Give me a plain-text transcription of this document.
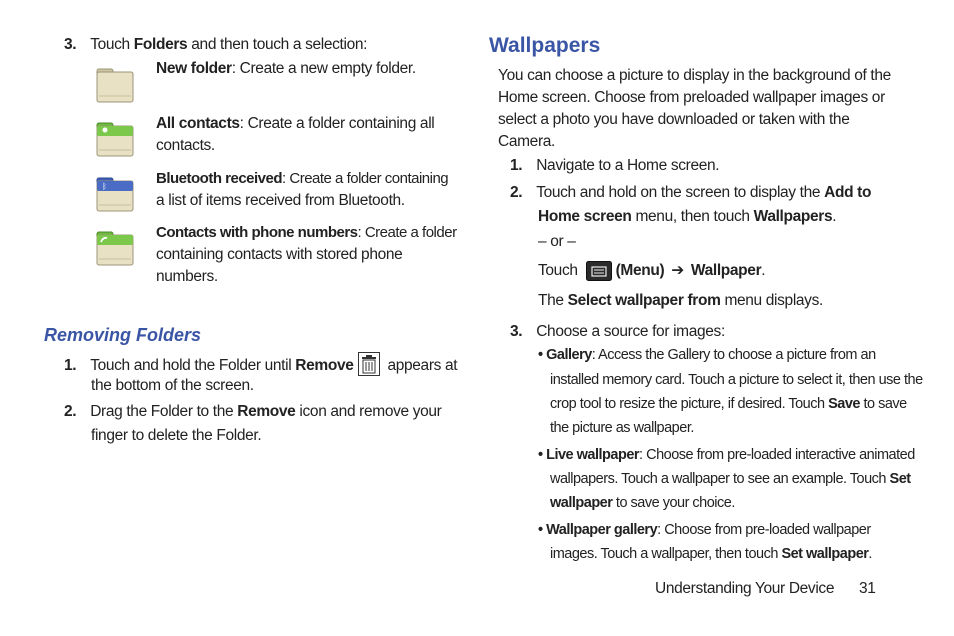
3. Touch Folders and then touch a selection:
ᛒ
New folder: Create a new empty folder.
All contacts: Create a folder containing all
contacts.
Bluetooth received: Create a folder containing
a list of items received from Bluetooth.
Contacts with phone numbers: Create a folder
containing contacts with stored phone
numbers.
Removing Folders
1. Touch and hold the Folder until Remove appears at
the bottom of the screen.
2. Drag the Folder to the Remove icon and remove your
finger to delete the Folder.
Wallpapers
You can choose a picture to display in the background of the
Home screen. Choose from preloaded wallpaper images or
select a photo you have downloaded or taken with the
Camera.
1. Navigate to a Home screen.
2. Touch and hold on the screen to display the Add to
Home screen menu, then touch Wallpapers.
– or –
Touch (Menu) ➔ Wallpaper.
The Select wallpaper from menu displays.
3. Choose a source for images:
• Gallery: Access the Gallery to choose a picture from an
installed memory card. Touch a picture to select it, then use the
crop tool to resize the picture, if desired. Touch Save to save
the picture as wallpaper.
• Live wallpaper: Choose from pre-loaded interactive animated
wallpapers. Touch a wallpaper to see an example. Touch Set
wallpaper to save your choice.
• Wallpaper gallery: Choose from pre-loaded wallpaper
images. Touch a wallpaper, then touch Set wallpaper.
Understanding Your Device 31
